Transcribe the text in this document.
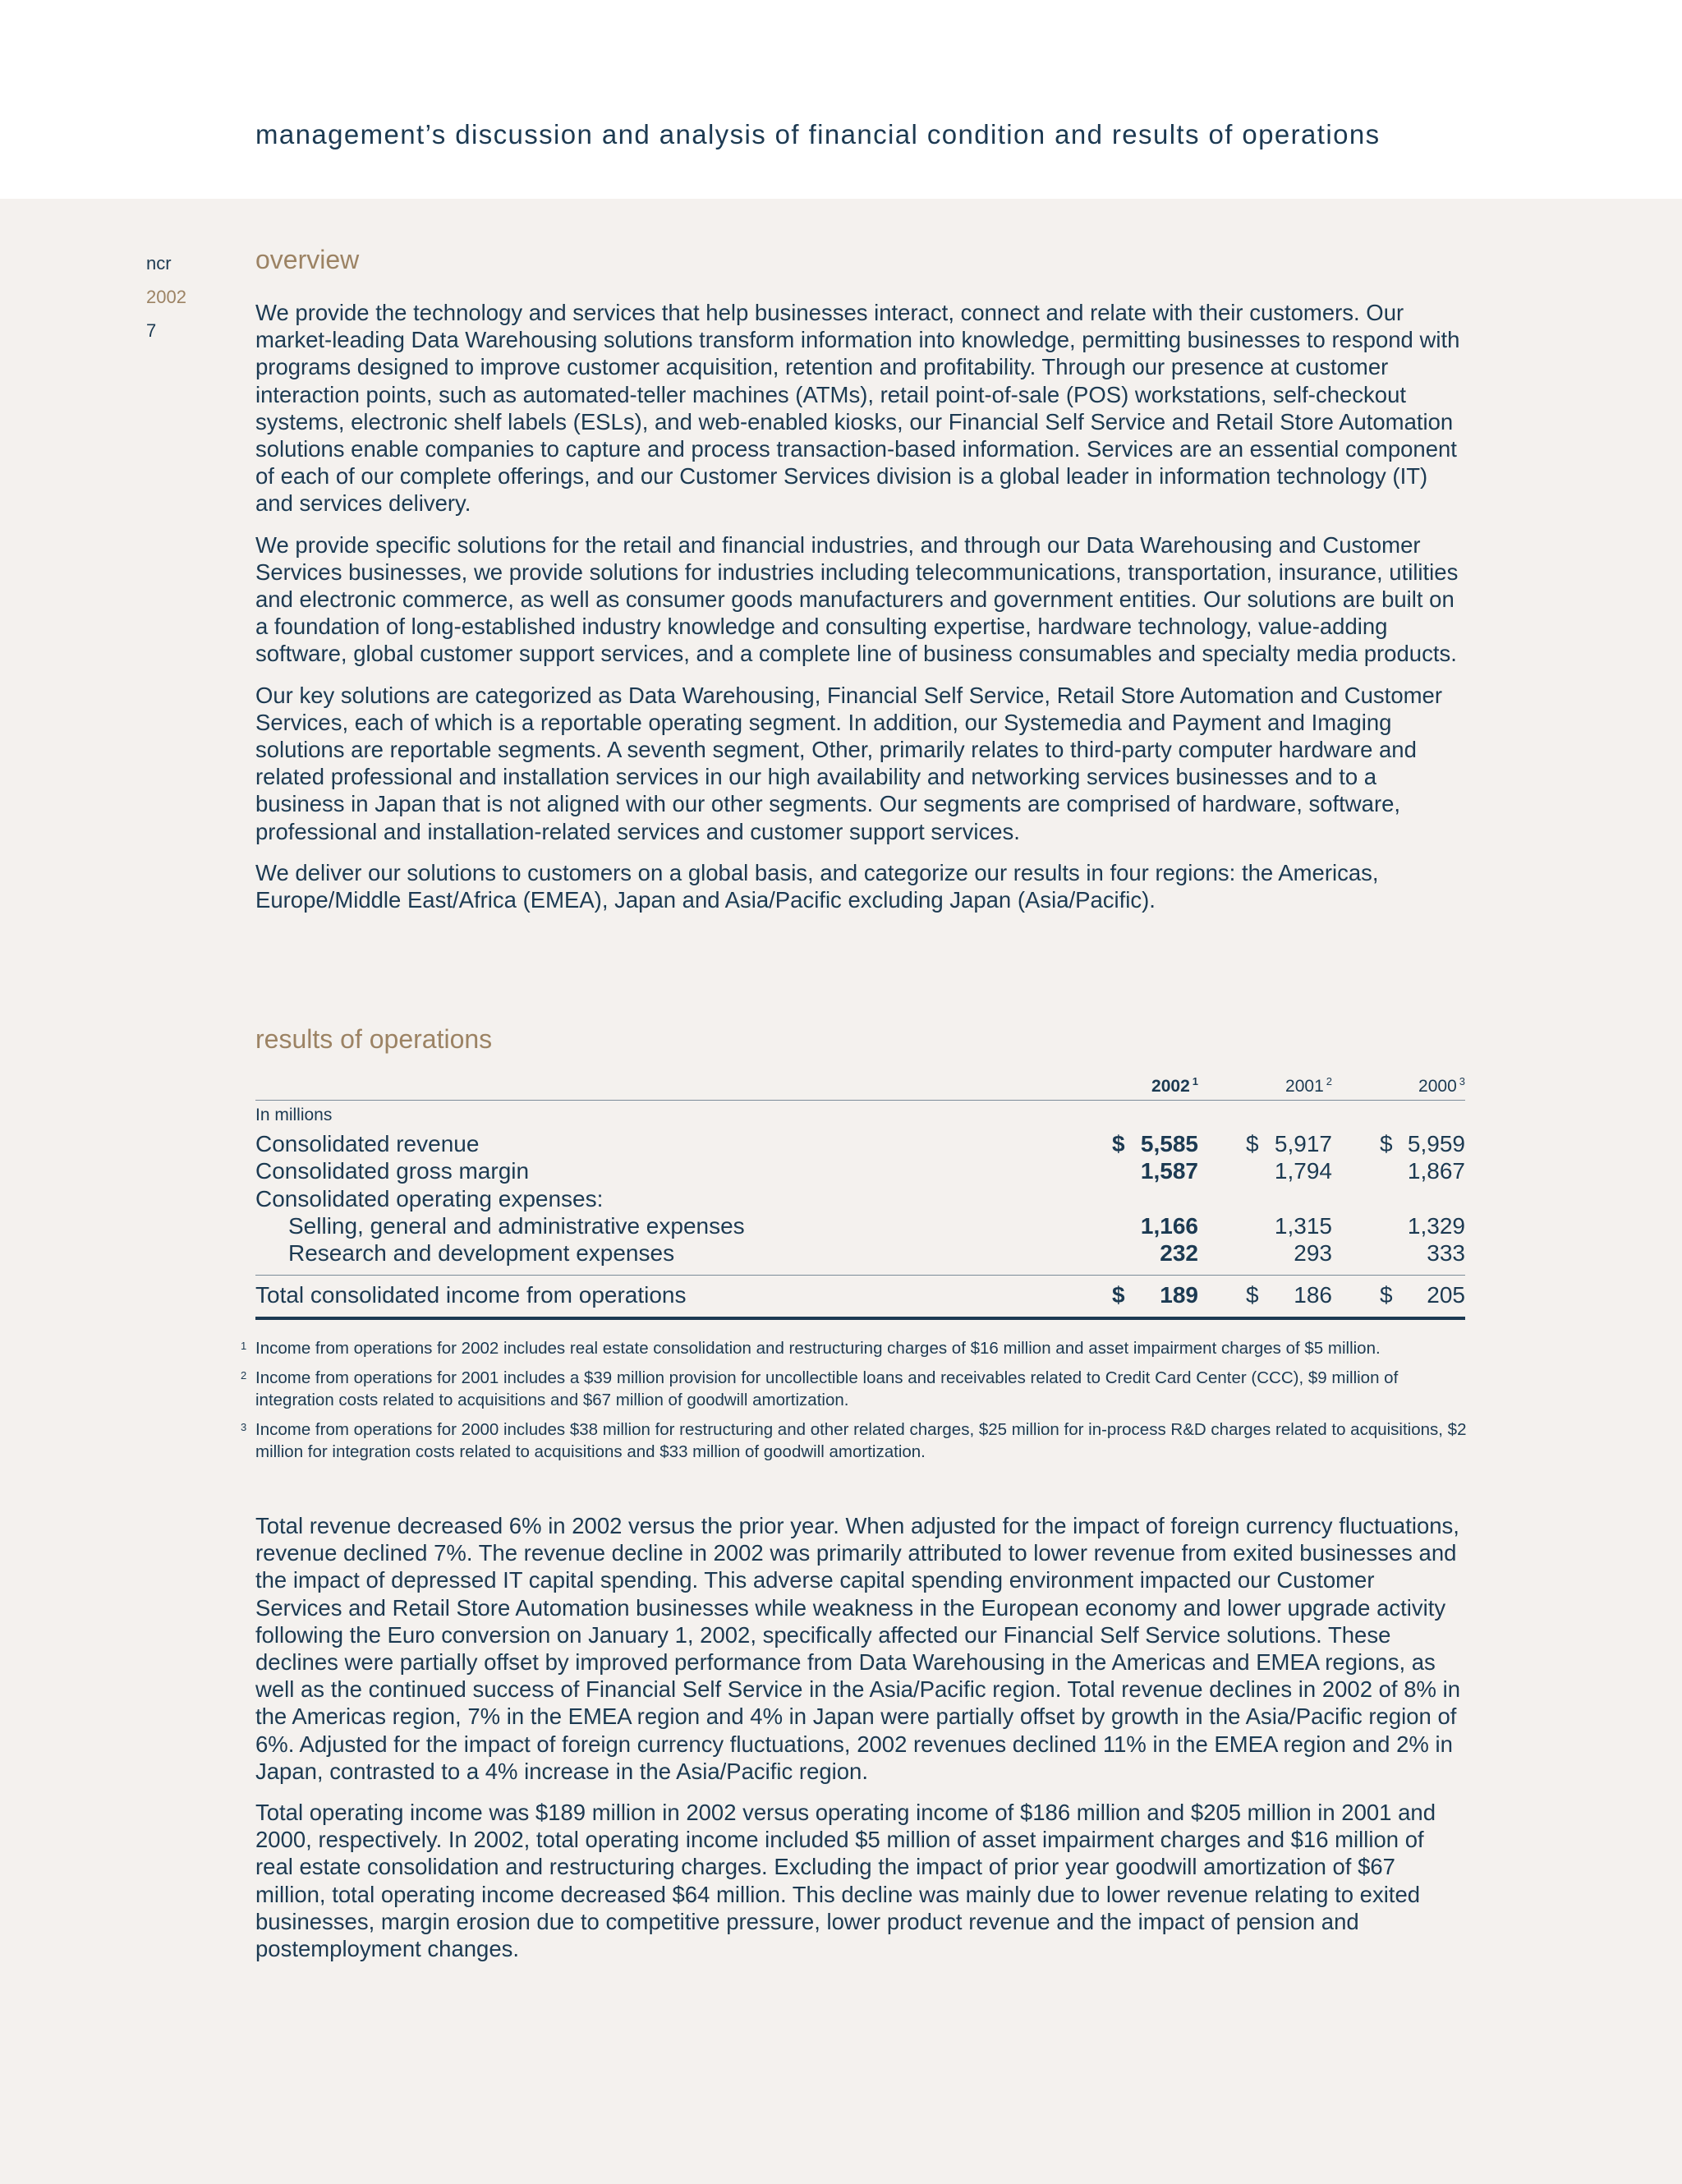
management’s discussion and analysis of financial condition and results of operations
ncr
2002
7
overview

We provide the technology and services that help businesses interact, connect and relate with their customers. Our market-leading Data Warehousing solutions transform information into knowledge, permitting businesses to respond with programs designed to improve customer acquisition, retention and profitability. Through our presence at customer interaction points, such as automated-teller machines (ATMs), retail point-of-sale (POS) workstations, self-checkout systems, electronic shelf labels (ESLs), and web-enabled kiosks, our Financial Self Service and Retail Store Automation solutions enable companies to capture and process transaction-based information. Services are an essential component of each of our complete offerings, and our Customer Services division is a global leader in information technology (IT) and services delivery.

We provide specific solutions for the retail and financial industries, and through our Data Warehousing and Customer Services businesses, we provide solutions for industries including telecommunications, transportation, insurance, utilities and electronic commerce, as well as consumer goods manufacturers and government entities. Our solutions are built on a foundation of long-established industry knowledge and consulting expertise, hardware technology, value-adding software, global customer support services, and a complete line of business consumables and specialty media products.

Our key solutions are categorized as Data Warehousing, Financial Self Service, Retail Store Automation and Customer Services, each of which is a reportable operating segment. In addition, our Systemedia and Payment and Imaging solutions are reportable segments. A seventh segment, Other, primarily relates to third-party computer hardware and related professional and installation services in our high availability and networking services businesses and to a business in Japan that is not aligned with our other segments. Our segments are comprised of hardware, software, professional and installation-related services and customer support services.

We deliver our solutions to customers on a global basis, and categorize our results in four regions: the Americas, Europe/Middle East/Africa (EMEA), Japan and Asia/Pacific excluding Japan (Asia/Pacific).

results of operations
2002 $^1$	2001 $^2$	2000 $^3$
In millions
Consolidated revenue	$ 5,585 $ 5,917 $ 5,959
Consolidated gross margin	1,587	1,794	1,867
Consolidated operating expenses:
Selling, general and administrative expenses	1,166	1,315	1,329
Research and development expenses	232	293	333
Total consolidated income from operations	$ 189 $ 186 $ 205
1 Income from operations for 2002 includes real estate consolidation and restructuring charges of $16 million and asset impairment charges of $5 million.
2 Income from operations for 2001 includes a $39 million provision for uncollectible loans and receivables related to Credit Card Center (CCC), $9 million of integration costs related to acquisitions and $67 million of goodwill amortization.
3 Income from operations for 2000 includes $38 million for restructuring and other related charges, $25 million for in-process R&D charges related to acquisitions, $2 million for integration costs related to acquisitions and $33 million of goodwill amortization.

Total revenue decreased 6% in 2002 versus the prior year. When adjusted for the impact of foreign currency fluctuations, revenue declined 7%. The revenue decline in 2002 was primarily attributed to lower revenue from exited businesses and the impact of depressed IT capital spending. This adverse capital spending environment impacted our Customer Services and Retail Store Automation businesses while weakness in the European economy and lower upgrade activity following the Euro conversion on January 1, 2002, specifically affected our Financial Self Service solutions. These declines were partially offset by improved performance from Data Warehousing in the Americas and EMEA regions, as well as the continued success of Financial Self Service in the Asia/Pacific region. Total revenue declines in 2002 of 8% in the Americas region, 7% in the EMEA region and 4% in Japan were partially offset by growth in the Asia/Pacific region of 6%. Adjusted for the impact of foreign currency fluctuations, 2002 revenues declined 11% in the EMEA region and 2% in Japan, contrasted to a 4% increase in the Asia/Pacific region.

Total operating income was $189 million in 2002 versus operating income of $186 million and $205 million in 2001 and 2000, respectively. In 2002, total operating income included $5 million of asset impairment charges and $16 million of real estate consolidation and restructuring charges. Excluding the impact of prior year goodwill amortization of $67 million, total operating income decreased $64 million. This decline was mainly due to lower revenue relating to exited businesses, margin erosion due to competitive pressure, lower product revenue and the impact of pension and postemployment changes.
